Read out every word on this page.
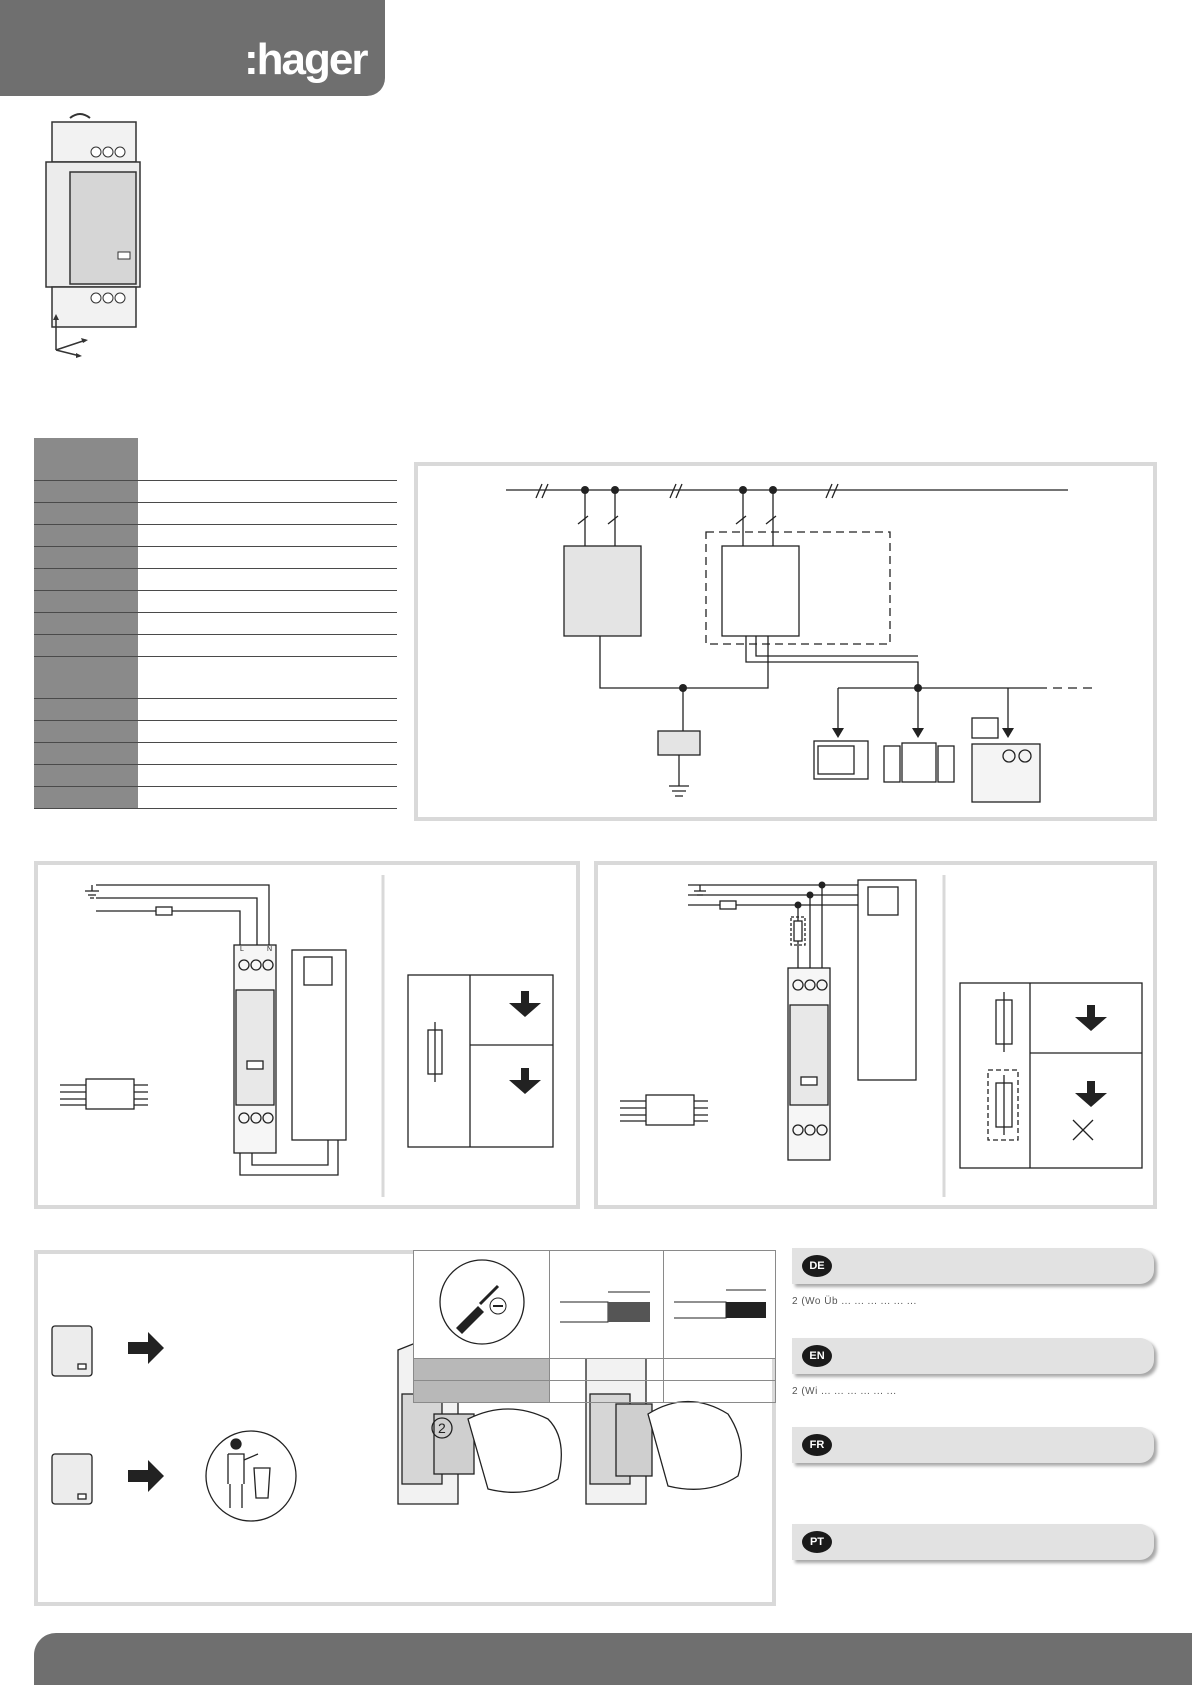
:hager

L	N
2

DE
2 (Wo Üb ... ... ... ... ... ...
EN
2 (Wi ... ... ... ... ... ...
FR
PT
